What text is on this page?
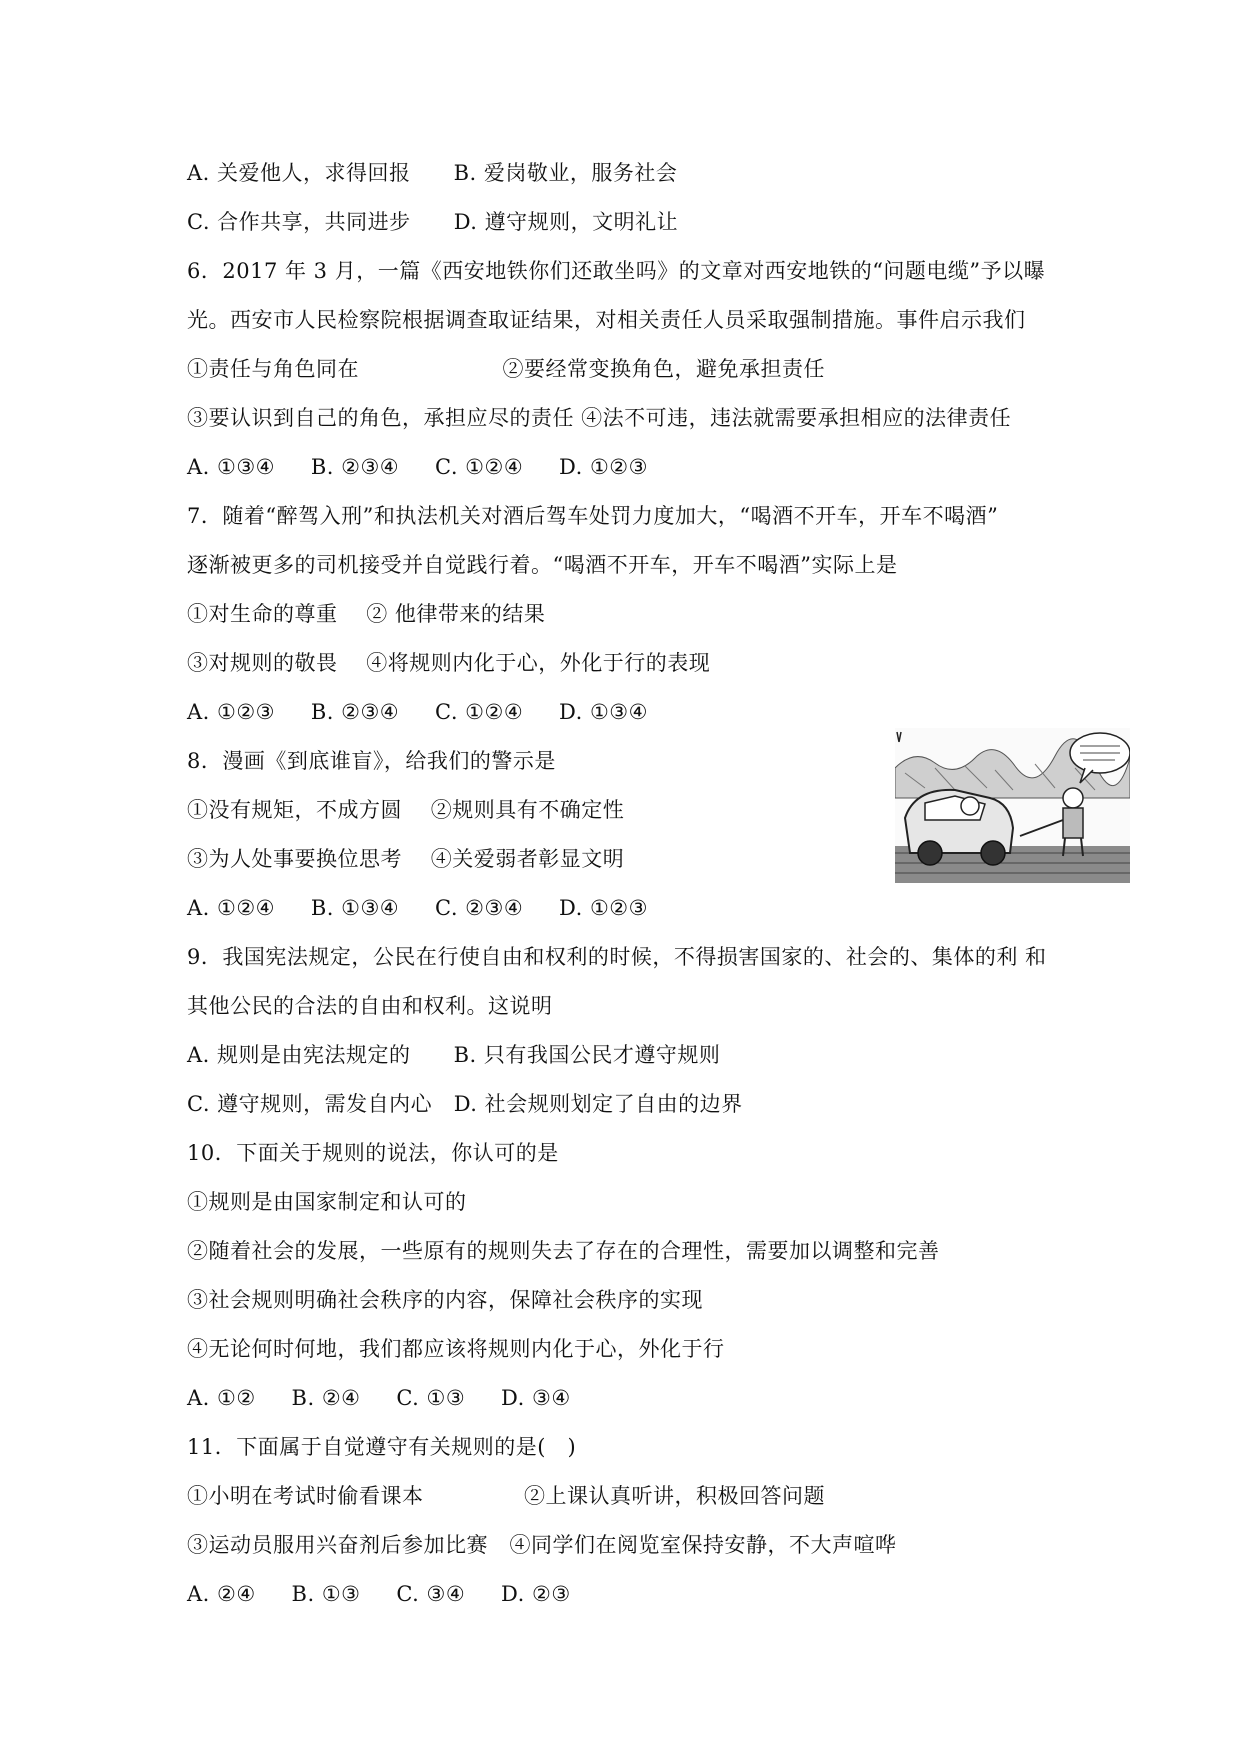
A. 关爱他人，求得回报      B. 爱岗敬业，服务社会
C. 合作共享，共同进步      D. 遵守规则，文明礼让
6．2017 年 3 月，一篇《西安地铁你们还敢坐吗》的文章对西安地铁的“问题电缆”予以曝
光。西安市人民检察院根据调查取证结果，对相关责任人员采取强制措施。事件启示我们
①责任与角色同在                    ②要经常变换角色，避免承担责任
③要认识到自己的角色，承担应尽的责任 ④法不可违，违法就需要承担相应的法律责任
A. ①③④     B. ②③④     C. ①②④     D. ①②③
7．随着“醉驾入刑”和执法机关对酒后驾车处罚力度加大，“喝酒不开车，开车不喝酒”
逐渐被更多的司机接受并自觉践行着。“喝酒不开车，开车不喝酒”实际上是
①对生命的尊重    ② 他律带来的结果
③对规则的敬畏    ④将规则内化于心，外化于行的表现
A. ①②③     B. ②③④     C. ①②④     D. ①③④
8．漫画《到底谁盲》，给我们的警示是
①没有规矩，不成方圆    ②规则具有不确定性
③为人处事要换位思考    ④关爱弱者彰显文明
A. ①②④     B. ①③④     C. ②③④     D. ①②③
9．我国宪法规定，公民在行使自由和权利的时候，不得损害国家的、社会的、集体的利 和
其他公民的合法的自由和权利。这说明
A. 规则是由宪法规定的      B. 只有我国公民才遵守规则
C. 遵守规则，需发自内心   D. 社会规则划定了自由的边界
10．下面关于规则的说法，你认可的是
①规则是由国家制定和认可的
②随着社会的发展，一些原有的规则失去了存在的合理性，需要加以调整和完善
③社会规则明确社会秩序的内容，保障社会秩序的实现
④无论何时何地，我们都应该将规则内化于心，外化于行
A. ①②     B. ②④     C. ①③     D. ③④
11．下面属于自觉遵守有关规则的是(   )
①小明在考试时偷看课本              ②上课认真听讲，积极回答问题
③运动员服用兴奋剂后参加比赛   ④同学们在阅览室保持安静，不大声喧哗
A. ②④     B. ①③     C. ③④     D. ②③
